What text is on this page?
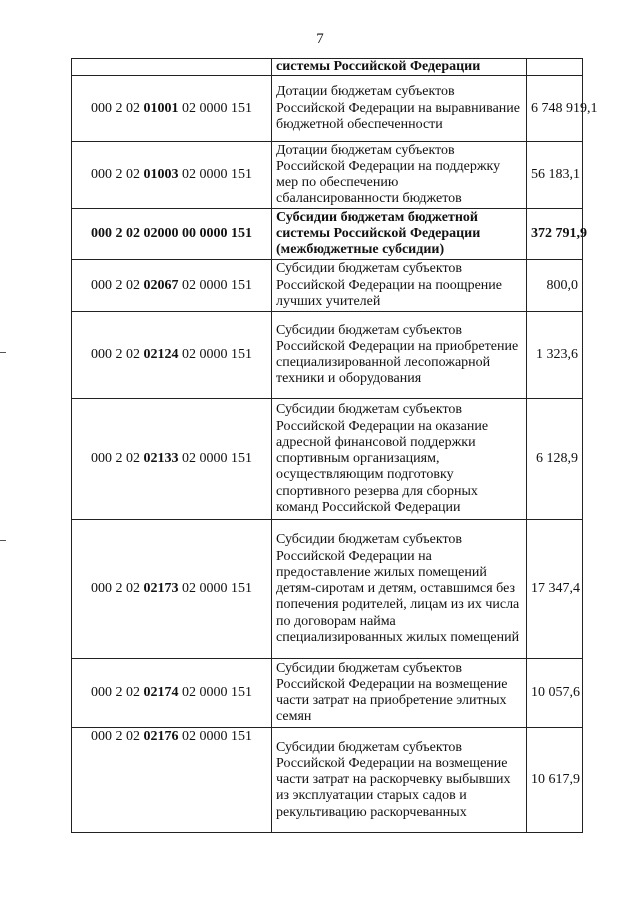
7
	системы Российской Федерации	
000 2 02 01001 02 0000 151	Дотации бюджетам субъектов Российской Федерации на выравнивание бюджетной обеспеченности	6 748 919,1
000 2 02 01003 02 0000 151	Дотации бюджетам субъектов Российской Федерации на поддержку мер по обеспечению сбалансированности бюджетов	56 183,1
000 2 02 02000 00 0000 151	Субсидии бюджетам бюджетной системы Российской Федерации (межбюджетные субсидии)	372 791,9
000 2 02 02067 02 0000 151	Субсидии бюджетам субъектов Российской Федерации на поощрение лучших учителей	800,0
000 2 02 02124 02 0000 151	Субсидии бюджетам субъектов Российской Федерации на приобретение специализированной лесопожарной техники и оборудования	1 323,6
000 2 02 02133 02 0000 151	Субсидии бюджетам субъектов Российской Федерации на оказание адресной финансовой поддержки спортивным организациям, осуществляющим подготовку спортивного резерва для сборных команд Российской Федерации	6 128,9
000 2 02 02173 02 0000 151	Субсидии бюджетам субъектов Российской Федерации на предоставление жилых помещений детям-сиротам и детям, оставшимся без попечения родителей, лицам из их числа по договорам найма специализированных жилых помещений	17 347,4
000 2 02 02174 02 0000 151	Субсидии бюджетам субъектов Российской Федерации на возмещение части затрат на приобретение элитных семян	10 057,6
000 2 02 02176 02 0000 151	Субсидии бюджетам субъектов Российской Федерации на возмещение части затрат на раскорчевку выбывших из эксплуатации старых садов и рекультивацию раскорчеванных	10 617,9
